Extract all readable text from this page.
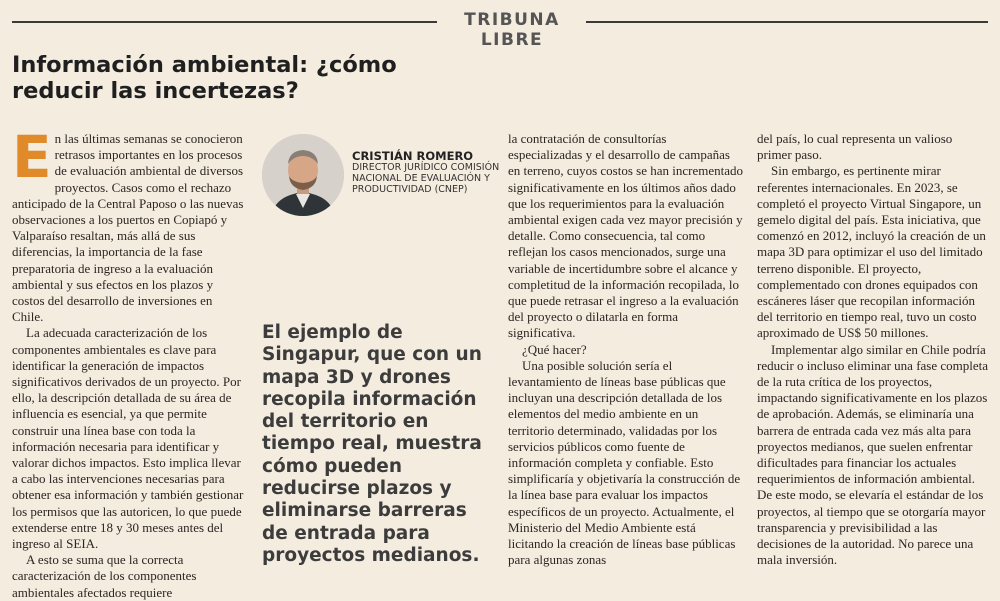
TRIBUNA LIBRE
Información ambiental: ¿cómo reducir las incertezas?

En las últimas semanas se conocieron retrasos importantes en los procesos de evaluación ambiental de diversos proyectos. Casos como el rechazo anticipado de la Central Paposo o las nuevas observaciones a los puertos en Copiapó y Valparaíso resaltan, más allá de sus diferencias, la importancia de la fase preparatoria de ingreso a la evaluación ambiental y sus efectos en los plazos y costos del desarrollo de inversiones en Chile.

La adecuada caracterización de los componentes ambientales es clave para identificar la generación de impactos significativos derivados de un proyecto. Por ello, la descripción detallada de su área de influencia es esencial, ya que permite construir una línea base con toda la información necesaria para identificar y valorar dichos impactos. Esto implica llevar a cabo las intervenciones necesarias para obtener esa información y también gestionar los permisos que las autoricen, lo que puede extenderse entre 18 y 30 meses antes del ingreso al SEIA.

A esto se suma que la correcta caracterización de los componentes ambientales afectados requiere

CRISTIÁN ROMERO

DIRECTOR JURÍDICO COMISIÓN NACIONAL DE EVALUACIÓN Y PRODUCTIVIDAD (CNEP)

El ejemplo de Singapur, que con un mapa 3D y drones recopila información del territorio en tiempo real, muestra cómo pueden reducirse plazos y eliminarse barreras de entrada para proyectos medianos.

la contratación de consultorías especializadas y el desarrollo de campañas en terreno, cuyos costos se han incrementado significativamente en los últimos años dado que los requerimientos para la evaluación ambiental exigen cada vez mayor precisión y detalle. Como consecuencia, tal como reflejan los casos mencionados, surge una variable de incertidumbre sobre el alcance y completitud de la información recopilada, lo que puede retrasar el ingreso a la evaluación del proyecto o dilatarla en forma significativa.

¿Qué hacer?

Una posible solución sería el levantamiento de líneas base públicas que incluyan una descripción detallada de los elementos del medio ambiente en un territorio determinado, validadas por los servicios públicos como fuente de información completa y confiable. Esto simplificaría y objetivaría la construcción de la línea base para evaluar los impactos específicos de un proyecto. Actualmente, el Ministerio del Medio Ambiente está licitando la creación de líneas base públicas para algunas zonas

del país, lo cual representa un valioso primer paso.

Sin embargo, es pertinente mirar referentes internacionales. En 2023, se completó el proyecto Virtual Singapore, un gemelo digital del país. Esta iniciativa, que comenzó en 2012, incluyó la creación de un mapa 3D para optimizar el uso del limitado terreno disponible. El proyecto, complementado con drones equipados con escáneres láser que recopilan información del territorio en tiempo real, tuvo un costo aproximado de US$ 50 millones.

Implementar algo similar en Chile podría reducir o incluso eliminar una fase completa de la ruta crítica de los proyectos, impactando significativamente en los plazos de aprobación. Además, se eliminaría una barrera de entrada cada vez más alta para proyectos medianos, que suelen enfrentar dificultades para financiar los actuales requerimientos de información ambiental. De este modo, se elevaría el estándar de los proyectos, al tiempo que se otorgaría mayor transparencia y previsibilidad a las decisiones de la autoridad. No parece una mala inversión.
